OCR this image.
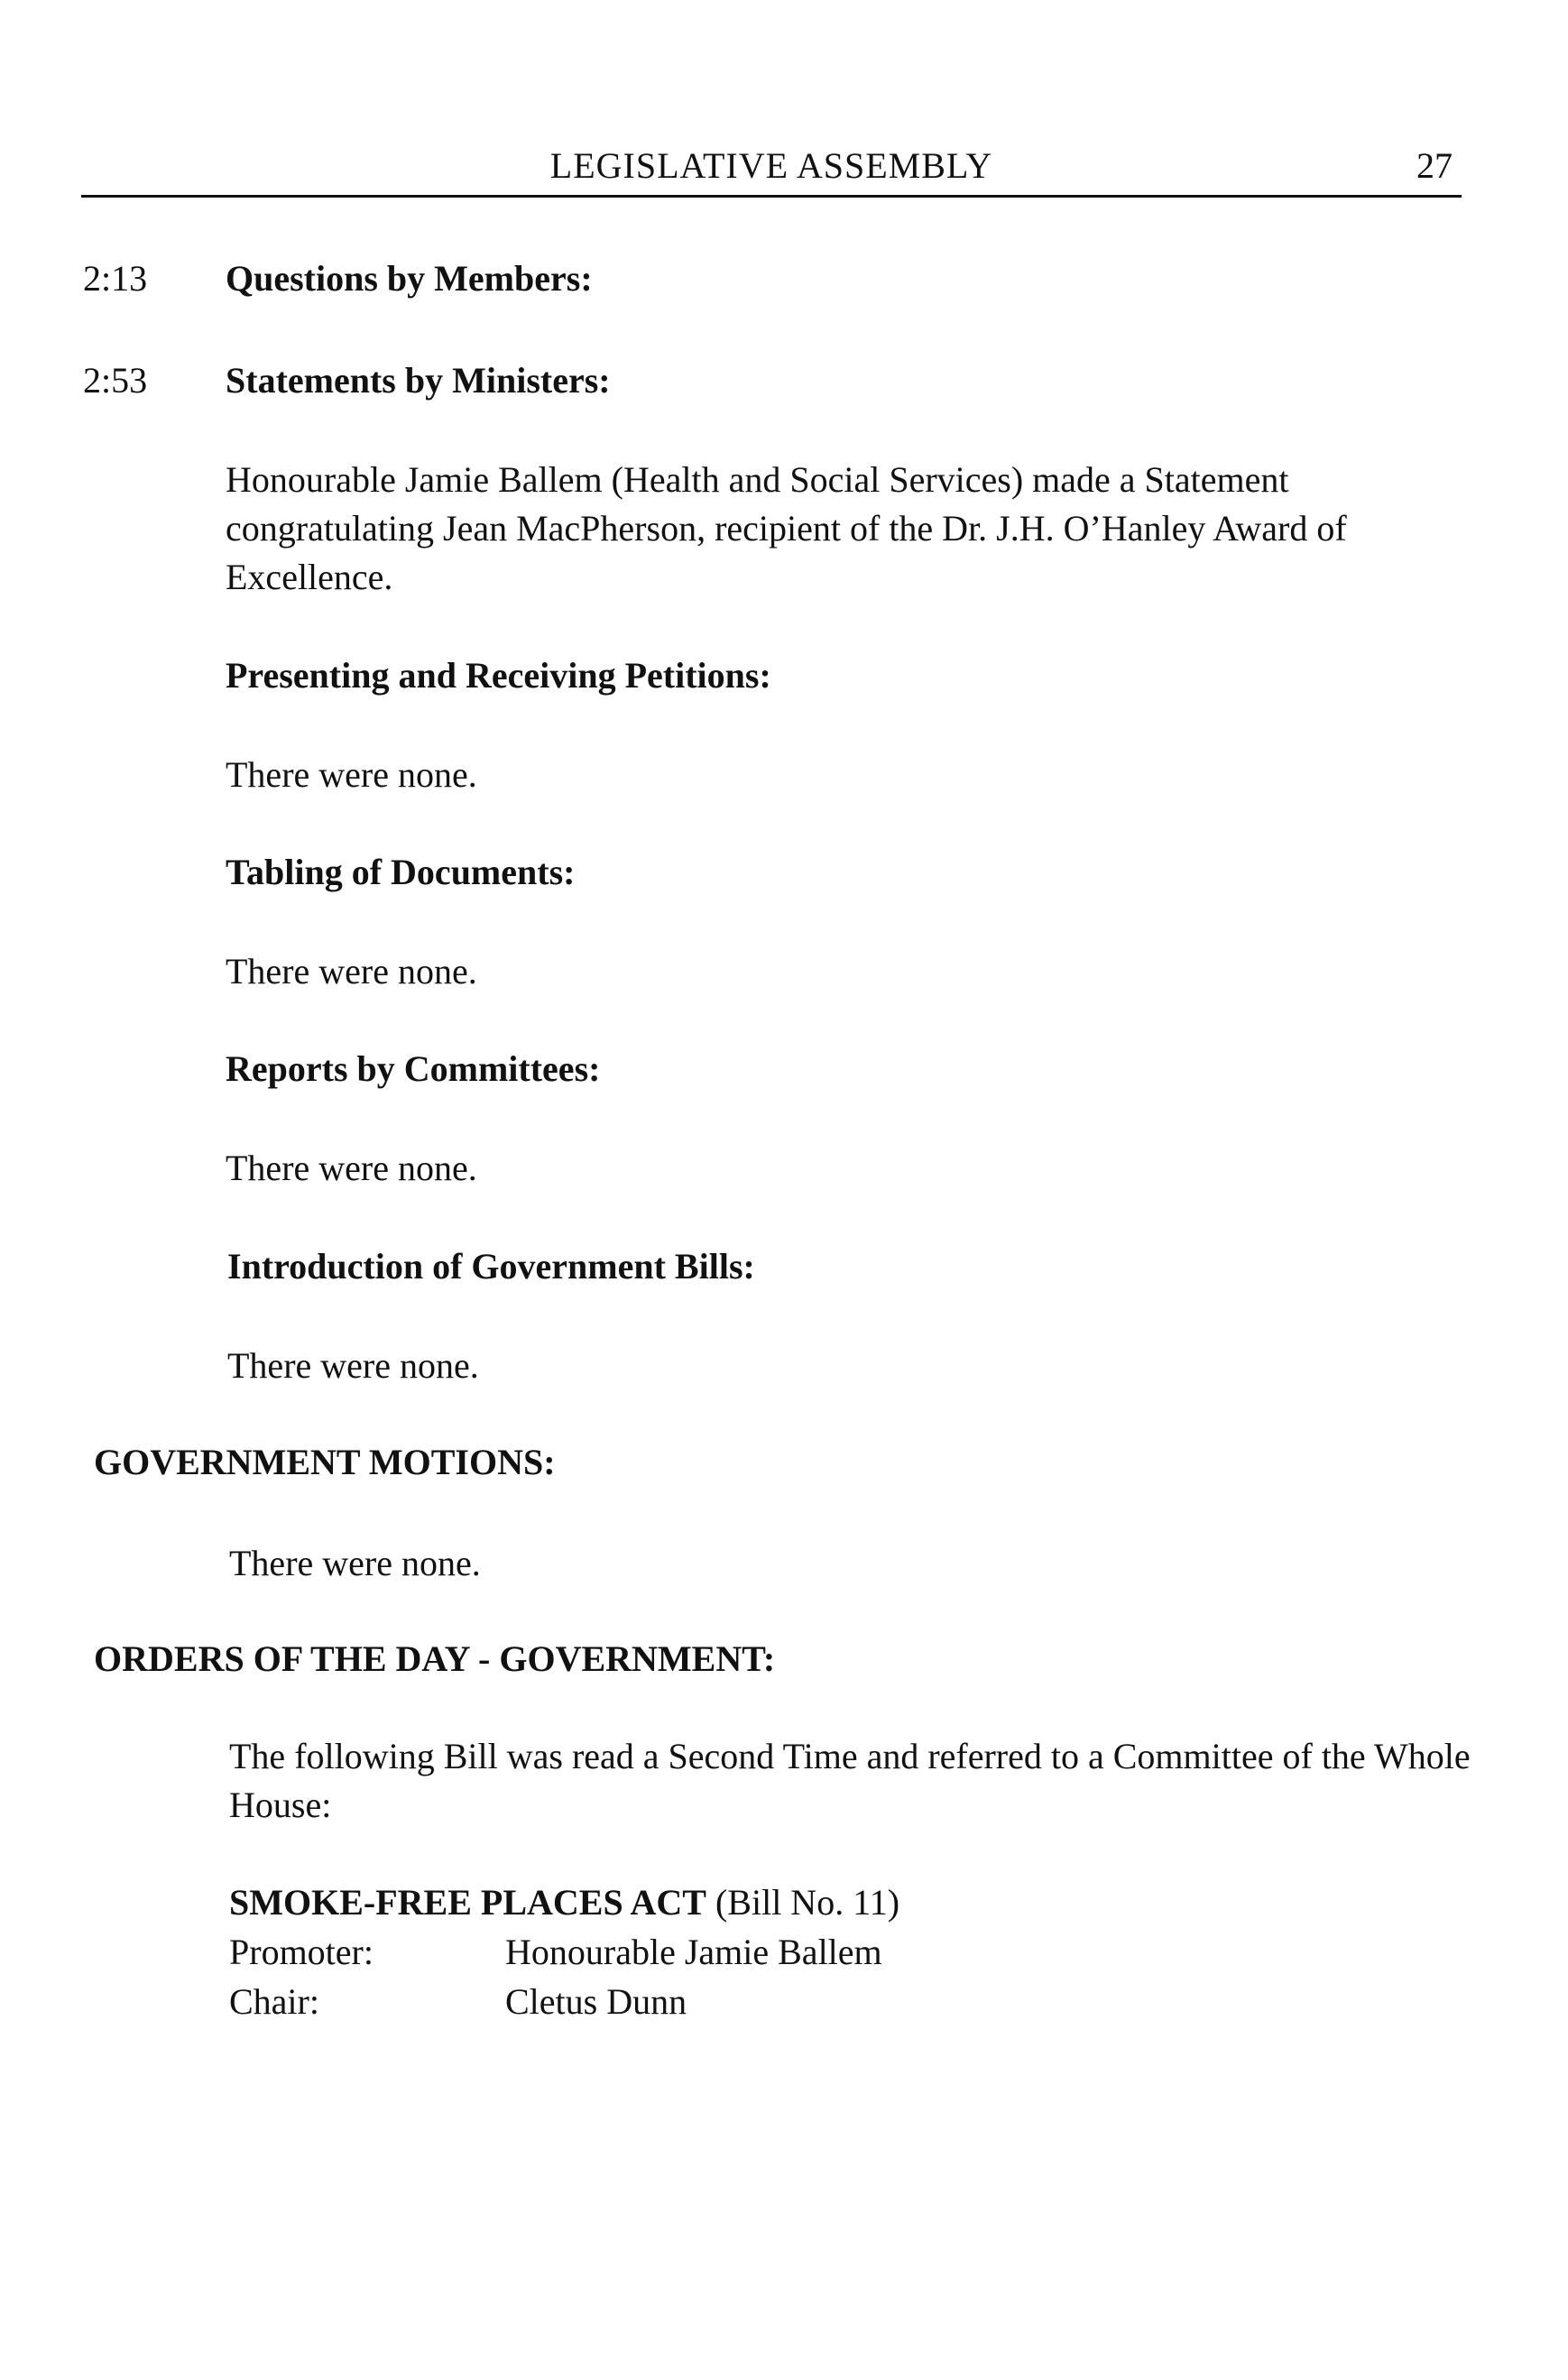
LEGISLATIVE ASSEMBLY	27
2:13 Questions by Members:
2:53 Statements by Ministers:
Honourable Jamie Ballem (Health and Social Services) made a Statement congratulating Jean MacPherson, recipient of the Dr. J.H. O’Hanley Award of Excellence.
Presenting and Receiving Petitions:
There were none.
Tabling of Documents:
There were none.
Reports by Committees:
There were none.
Introduction of Government Bills:
There were none.
GOVERNMENT MOTIONS:
There were none.
ORDERS OF THE DAY - GOVERNMENT:
The following Bill was read a Second Time and referred to a Committee of the Whole House:
SMOKE-FREE PLACES ACT (Bill No. 11)
Promoter:	Honourable Jamie Ballem
Chair:	Cletus Dunn
